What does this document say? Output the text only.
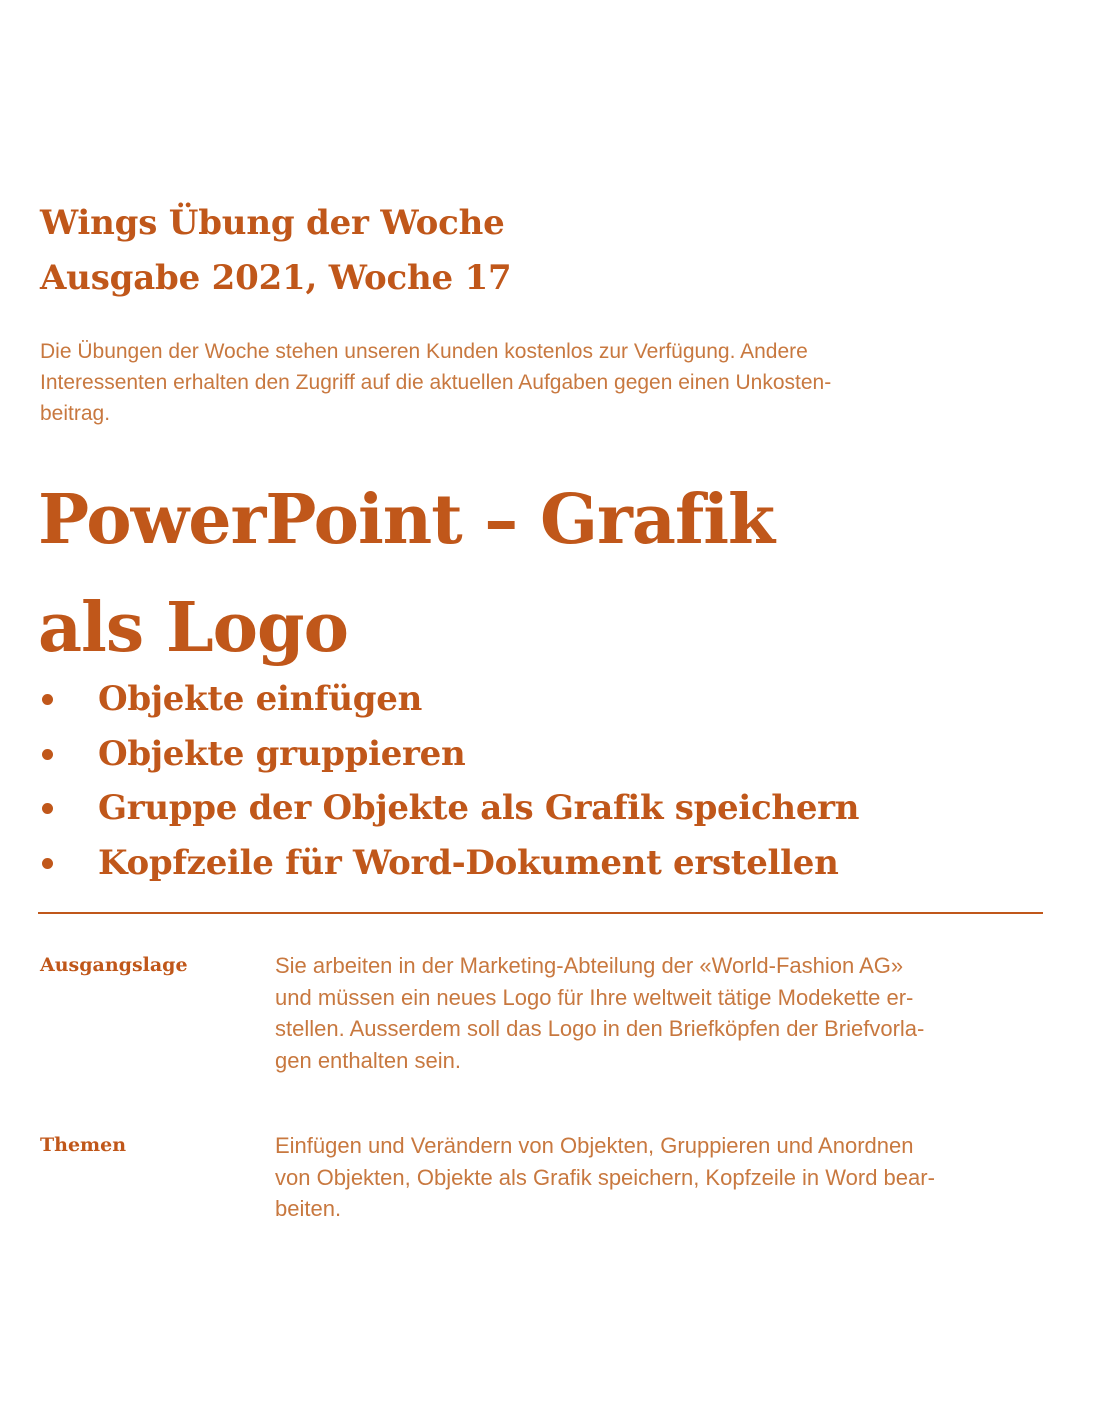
Wings Übung der Woche

Ausgabe 2021, Woche 17

Die Übungen der Woche stehen unseren Kunden kostenlos zur Verfügung. Andere
Interessenten erhalten den Zugriff auf die aktuellen Aufgaben gegen einen Unkosten-
beitrag.

PowerPoint – Grafik
als Logo
Objekte einfügen
Objekte gruppieren
Gruppe der Objekte als Grafik speichern
Kopfzeile für Word-Dokument erstellen
Ausgangslage	Sie arbeiten in der Marketing-Abteilung der «World-Fashion AG»
und müssen ein neues Logo für Ihre weltweit tätige Modekette er-
stellen. Ausserdem soll das Logo in den Briefköpfen der Briefvorla-
gen enthalten sein.
Themen	Einfügen und Verändern von Objekten, Gruppieren und Anordnen
von Objekten, Objekte als Grafik speichern, Kopfzeile in Word bear-
beiten.
